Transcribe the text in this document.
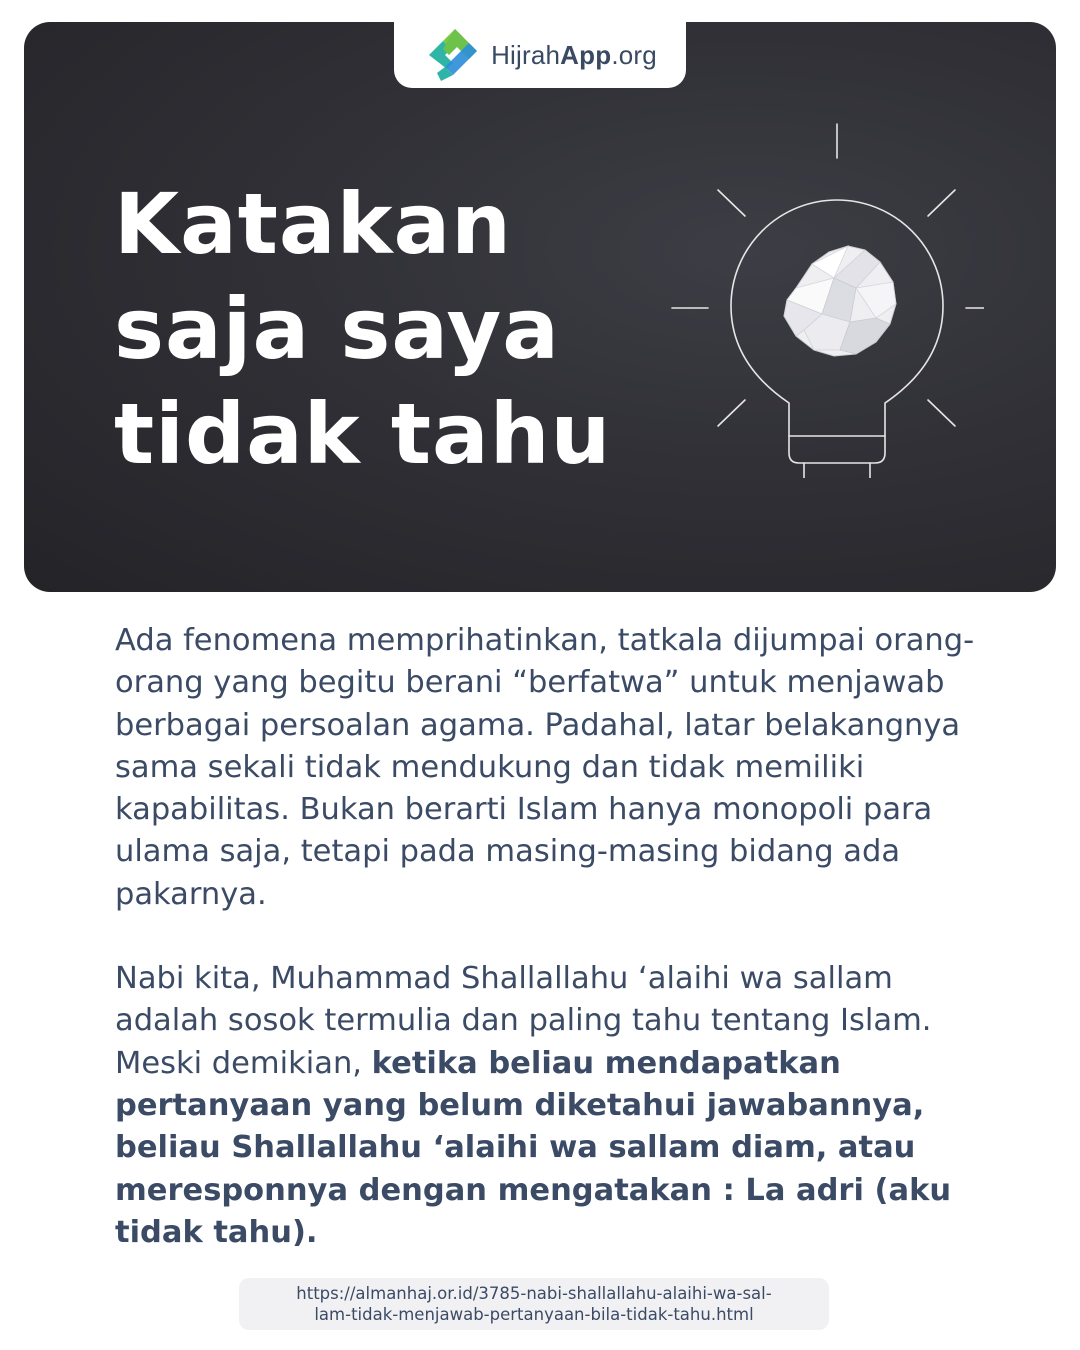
Katakan
saja saya
tidak tahu
HijrahApp.org

Ada fenomena memprihatinkan, tatkala dijumpai orang-orang yang begitu berani “berfatwa” untuk menjawab berbagai persoalan agama. Padahal, latar belakangnya sama sekali tidak mendukung dan tidak memiliki kapabilitas. Bukan berarti Islam hanya monopoli para ulama saja, tetapi pada masing-masing bidang ada pakarnya.

Nabi kita, Muhammad Shallallahu ‘alaihi wa sallam adalah sosok termulia dan paling tahu tentang Islam. Meski demikian, ketika beliau mendapatkan pertanyaan yang belum diketahui jawabannya, beliau Shallallahu ‘alaihi wa sallam diam, atau meresponnya dengan mengatakan : La adri (aku tidak tahu).

https://almanhaj.or.id/3785-nabi-shallallahu-alaihi-wa-sal-
lam-tidak-menjawab-pertanyaan-bila-tidak-tahu.html
